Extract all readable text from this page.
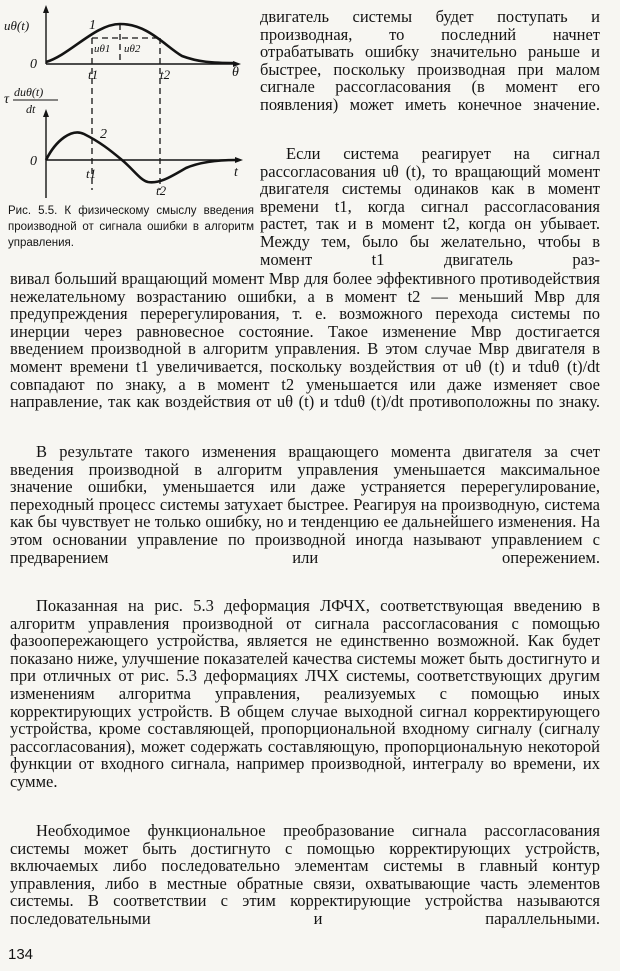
uθ(t)	1
uθ1 uθ2
0
t1	t2	θ
τ duθ(t)
dt
2
0
t1
t2
t
Рис. 5.5. К физическому смыслу введения производной от сигнала ошибки в алгоритм управления.

двигатель системы будет поступать и производная, то последний начнет отрабатывать ошибку значительно раньше и быстрее, поскольку производная при малом сигнале рассогласования (в момент его появления) может иметь конечное значение.

Если система реагирует на сигнал рассогласования uθ (t), то вращающий момент двигателя системы одинаков как в момент времени t1, когда сигнал рассогласования растет, так и в момент t2, когда он убывает. Между тем, было бы желательно, чтобы в момент t1 двигатель раз-

вивал больший вращающий момент Mвр для более эффективного противодействия нежелательному возрастанию ошибки, а в момент t2 — меньший Mвр для предупреждения перерегулирования, т. е. возможного перехода системы по инерции через равновесное состояние. Такое изменение Mвр достигается введением производной в алгоритм управления. В этом случае Mвр двигателя в момент времени t1 увеличивается, поскольку воздействия от uθ (t) и τduθ (t)/dt совпадают по знаку, а в момент t2 уменьшается или даже изменяет свое направление, так как воздействия от uθ (t) и τduθ (t)/dt противоположны по знаку.

В результате такого изменения вращающего момента двигателя за счет введения производной в алгоритм управления уменьшается максимальное значение ошибки, уменьшается или даже устраняется перерегулирование, переходный процесс системы затухает быстрее. Реагируя на производную, система как бы чувствует не только ошибку, но и тенденцию ее дальнейшего изменения. На этом основании управление по производной иногда называют управлением с предварением или опережением.

Показанная на рис. 5.3 деформация ЛФЧХ, соответствующая введению в алгоритм управления производной от сигнала рассогласования с помощью фазоопережающего устройства, является не единственно возможной. Как будет показано ниже, улучшение показателей качества системы может быть достигнуто и при отличных от рис. 5.3 деформациях ЛЧХ системы, соответствующих другим изменениям алгоритма управления, реализуемых с помощью иных корректирующих устройств. В общем случае выходной сигнал корректирующего устройства, кроме составляющей, пропорциональной входному сигналу (сигналу рассогласования), может содержать составляющую, пропорциональную некоторой функции от входного сигнала, например производной, интегралу во времени, их сумме.

Необходимое функциональное преобразование сигнала рассогласования системы может быть достигнуто с помощью корректирующих устройств, включаемых либо последовательно элементам системы в главный контур управления, либо в местные обратные связи, охватывающие часть элементов системы. В соответствии с этим корректирующие устройства называются последовательными и параллельными.

134
